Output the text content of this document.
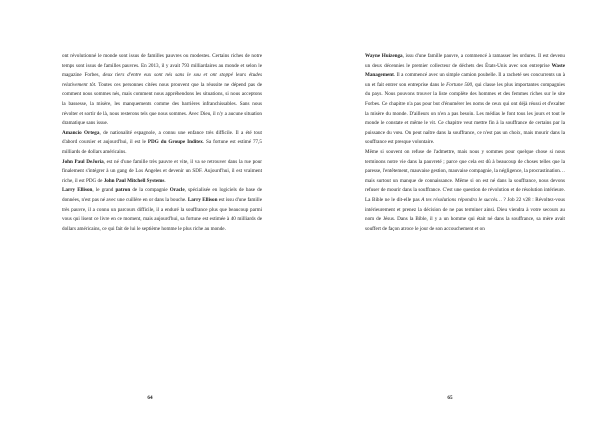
ont révolutionné le monde sont issus de familles pauvres ou modestes. Certains riches de notre temps sont issus de familles pauvres. En 2013, il y avait 793 milliardaires au monde et selon le magazine Forbes, deux tiers d'entre eux sont nés sans le sou et ont stoppé leurs études relativement tôt. Toutes ces personnes citées nous prouvent que la réussite ne dépend pas de comment nous sommes nés, mais comment nous appréhendons les situations, si nous acceptons la bassesse, la misère, les manquements comme des barrières infranchissables. Sans nous révolter et sortir de là, nous resterons tels que nous sommes. Avec Dieu, il n'y a aucune situation dramatique sans issue.

Amancio Ortega, de nationalité espagnole, a connu une enfance très difficile. Il a été tout d'abord coursier et aujourd'hui, il est le PDG du Groupe Inditex. Sa fortune est estimé 77,5 milliards de dollars américains.

John Paul DeJoria, est né d'une famille très pauvre et vite, il va se retrouver dans la rue pour finalement s'intégrer à un gang de Los Angeles et devenir un SDF. Aujourd'hui, il est vraiment riche, il est PDG de John Paul Mitchell Systems.

Larry Ellison, le grand patron de la compagnie Oracle, spécialisée en logiciels de base de données, n'est pas né avec une cuillère en or dans la bouche. Larry Ellison est issu d'une famille très pauvre, il a connu un parcours difficile, il a enduré la souffrance plus que beaucoup parmi vous qui lisent ce livre en ce moment, mais aujourd'hui, sa fortune est estimée à 40 milliards de dollars américains, ce qui fait de lui le septième homme le plus riche au monde.

64

Wayne Huizenga, issu d'une famille pauvre, a commencé à ramasser les ordures. Il est devenu un deux décennies le premier collecteur de déchets des États-Unis avec son entreprise Waste Management. Il a commencé avec un simple camion poubelle. Il a racheté ses concurrents un à un et fait entrer son entreprise dans le Fortune 500, qui classe les plus importantes compagnies du pays. Nous pouvons trouver la liste complète des hommes et des femmes riches sur le site Forbes. Ce chapitre n'a pas pour but d'énumérer les noms de ceux qui ont déjà réussi et d'exalter la misère du monde. D'ailleurs on n'en a pas besoin. Les médias le font tous les jours et tout le monde le constate et même le vit. Ce chapitre veut mettre fin à la souffrance de certains par la puissance du vœu. On peut naître dans la souffrance, ce n'est pas un choix, mais mourir dans la souffrance est presque volontaire.

Même si souvent on refuse de l'admettre, mais nous y sommes pour quelque chose si nous terminons notre vie dans la pauvreté ; parce que cela est dû à beaucoup de choses telles que la paresse, l'entêtement, mauvaise gestion, mauvaise compagnie, la négligence, la procrastination…mais surtout un manque de connaissance. Même si on est né dans la souffrance, nous devons refuser de mourir dans la souffrance. C'est une question de révolution et de résolution intérieure. La Bible ne le dit-elle pas A tes résolutions répondra le succès… ? Job 22 v28 : Révoltez-vous intérieurement et prenez la décision de ne pas terminer ainsi. Dieu viendra à votre secours au nom de Jésus. Dans la Bible, il y a un homme qui était né dans la souffrance, sa mère avait souffert de façon atroce le jour de son accouchement et on

65
